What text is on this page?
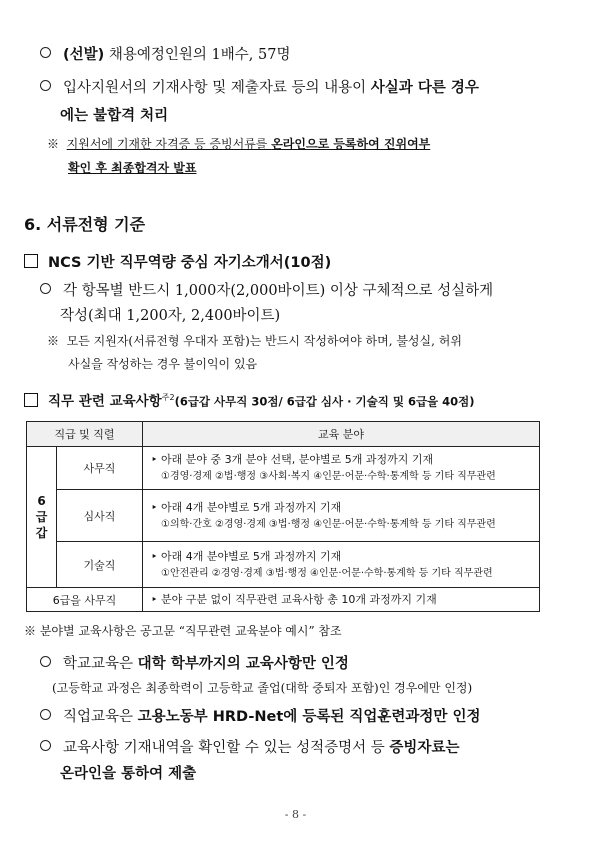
(선발) 채용예정인원의 1배수, 57명
입사지원서의 기재사항 및 제출자료 등의 내용이 사실과 다른 경우
에는 불합격 처리
※ 지원서에 기재한 자격증 등 증빙서류를 온라인으로 등록하여 진위여부
확인 후 최종합격자 발표
6. 서류전형 기준
NCS 기반 직무역량 중심 자기소개서(10점)
각 항목별 반드시 1,000자(2,000바이트) 이상 구체적으로 성실하게
작성(최대 1,200자, 2,400바이트)
※ 모든 지원자(서류전형 우대자 포함)는 반드시 작성하여야 하며, 불성실, 허위
사실을 작성하는 경우 불이익이 있음
직무 관련 교육사항$^{주2}$(6급갑 사무직 30점/ 6급갑 심사 · 기술직 및 6급을 40점)
직급 및 직렬		교육 분야
6
급
갑	사무직	‣ 아래 분야 중 3개 분야 선택, 분야별로 5개 과정까지 기재
①경영·경제 ②법·행정 ③사회·복지 ④인문·어문·수학·통계학 등 기타 직무관련

	심사직	‣ 아래 4개 분야별로 5개 과정까지 기재
①의학·간호 ②경영·경제 ③법·행정 ④인문·어문·수학·통계학 등 기타 직무관련

	기술직	‣ 아래 4개 분야별로 5개 과정까지 기재
①안전관리 ②경영·경제 ③법·행정 ④인문·어문·수학·통계학 등 기타 직무관련

6급을 사무직		‣ 분야 구분 없이 직무관련 교육사항 총 10개 과정까지 기재
※ 분야별 교육사항은 공고문 “직무관련 교육분야 예시” 참조
학교교육은 대학 학부까지의 교육사항만 인정
(고등학교 과정은 최종학력이 고등학교 졸업(대학 중퇴자 포함)인 경우에만 인정)
직업교육은 고용노동부 HRD-Net에 등록된 직업훈련과정만 인정
교육사항 기재내역을 확인할 수 있는 성적증명서 등 증빙자료는
온라인을 통하여 제출
- 8 -
